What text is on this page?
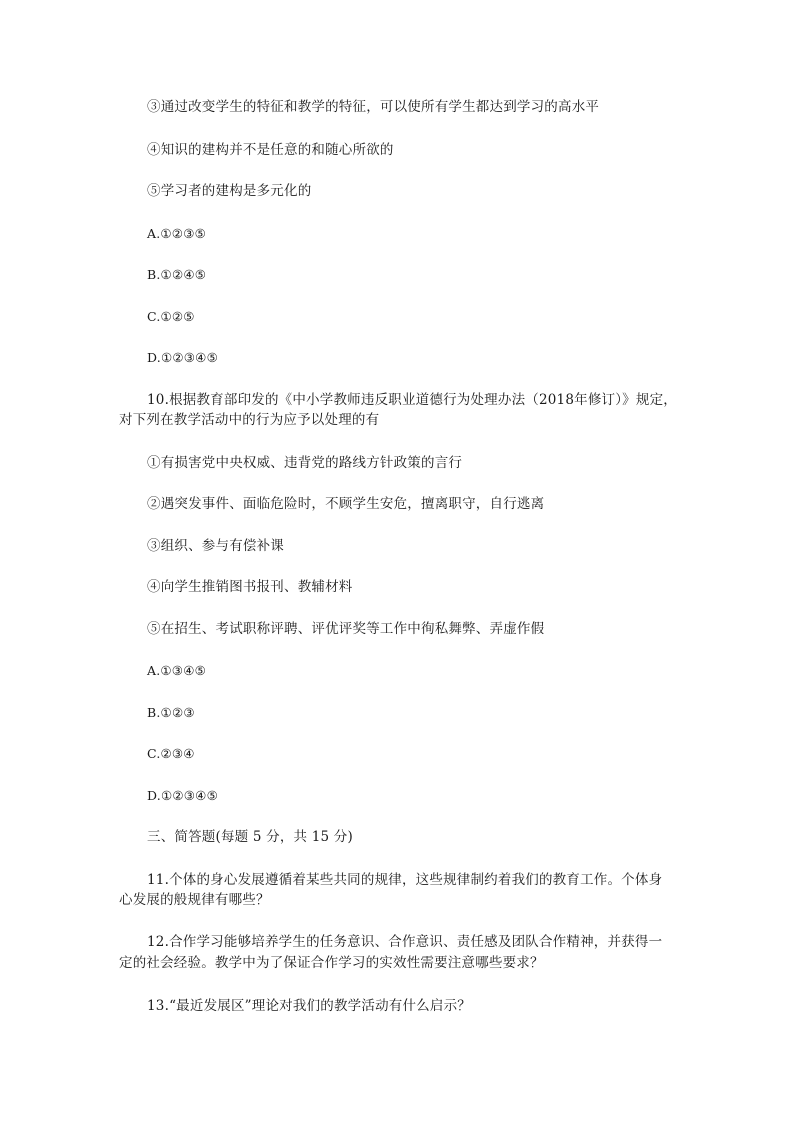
③通过改变学生的特征和教学的特征，可以使所有学生都达到学习的高水平
④知识的建构并不是任意的和随心所欲的
⑤学习者的建构是多元化的
A.①②③⑤
B.①②④⑤
C.①②⑤
D.①②③④⑤
10.根据教育部印发的《中小学教师违反职业道德行为处理办法（2018年修订）》规定，
对下列在教学活动中的行为应予以处理的有
①有损害党中央权威、违背党的路线方针政策的言行
②遇突发事件、面临危险时，不顾学生安危，擅离职守，自行逃离
③组织、参与有偿补课
④向学生推销图书报刊、教辅材料
⑤在招生、考试职称评聘、评优评奖等工作中徇私舞弊、弄虚作假
A.①③④⑤
B.①②③
C.②③④
D.①②③④⑤
三、简答题(每题 5 分，共 15 分)
11.个体的身心发展遵循着某些共同的规律，这些规律制约着我们的教育工作。个体身
心发展的般规律有哪些？
12.合作学习能够培养学生的任务意识、合作意识、责任感及团队合作精神，并获得一
定的社会经验。教学中为了保证合作学习的实效性需要注意哪些要求？
13.“最近发展区”理论对我们的教学活动有什么启示？
